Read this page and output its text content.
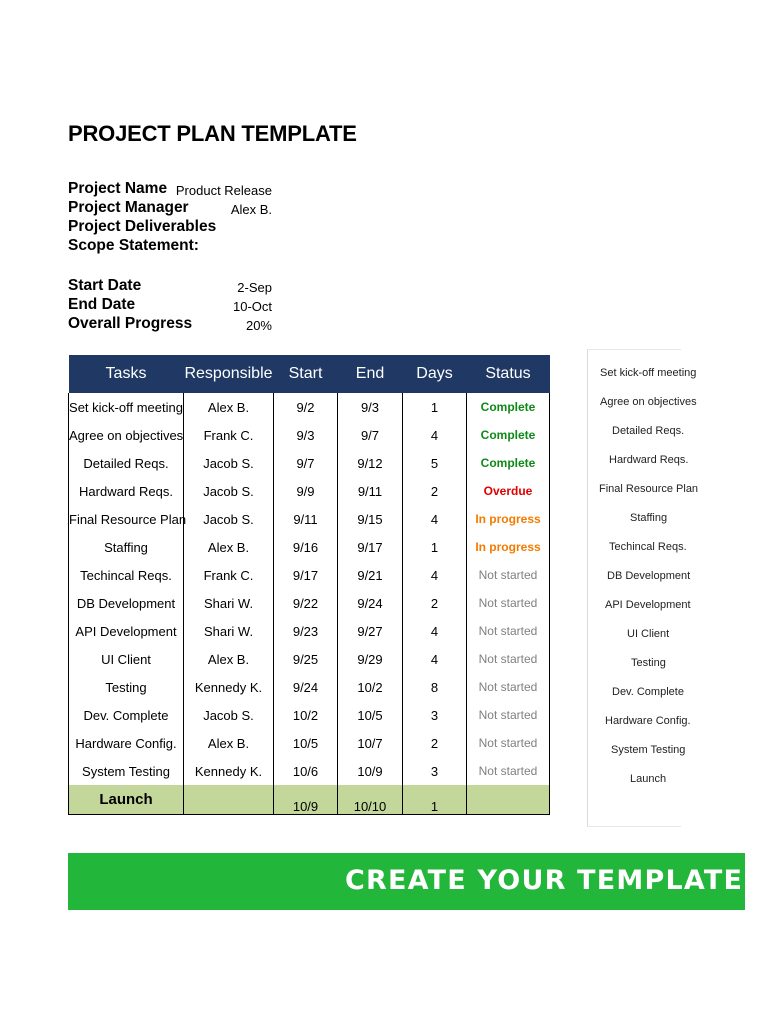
PROJECT PLAN TEMPLATE
Project Name Product Release
Project Manager	Alex B.
Project Deliverables
Scope Statement:
Start Date	2-Sep
End Date	10-Oct
Overall Progress	20%
Tasks	Responsible	Start	End	Days	Status
Set kick-off meeting	Alex B.	9/2	9/3	1	Complete
Agree on objectives	Frank C.	9/3	9/7	4	Complete
Detailed Reqs.	Jacob S.	9/7	9/12	5	Complete
Hardward Reqs.	Jacob S.	9/9	9/11	2	Overdue
Final Resource Plan	Jacob S.	9/11	9/15	4	In progress
Staffing	Alex B.	9/16	9/17	1	In progress
Techincal Reqs.	Frank C.	9/17	9/21	4	Not started
DB Development	Shari W.	9/22	9/24	2	Not started
API Development	Shari W.	9/23	9/27	4	Not started
UI Client	Alex B.	9/25	9/29	4	Not started
Testing	Kennedy K.	9/24	10/2	8	Not started
Dev. Complete	Jacob S.	10/2	10/5	3	Not started
Hardware Config.	Alex B.	10/5	10/7	2	Not started
System Testing	Kennedy K.	10/6	10/9	3	Not started
Launch		10/9	10/10	1	
Set kick-off meeting
Agree on objectives
Detailed Reqs.
Hardward Reqs.
Final Resource Plan
Staffing
Techincal Reqs.
DB Development
API Development
UI Client
Testing
Dev. Complete
Hardware Config.
System Testing
Launch
CREATE YOUR TEMPLATE
